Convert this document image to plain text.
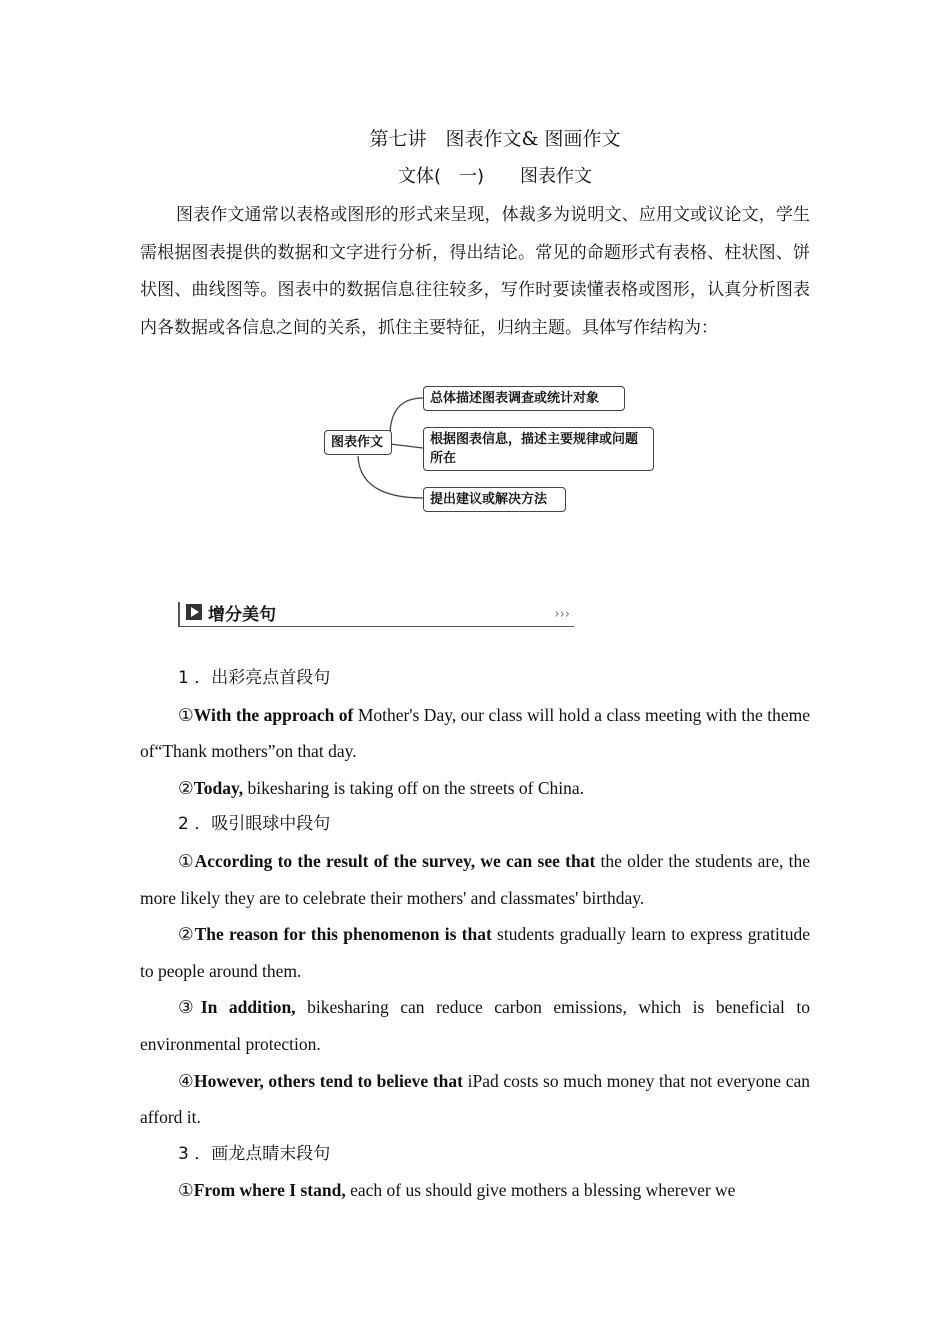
第七讲　图表作文& 图画作文
文体(　一)　　图表作文

图表作文通常以表格或图形的形式来呈现，体裁多为说明文、应用文或议论文，学生需根据图表提供的数据和文字进行分析，得出结论。常见的命题形式有表格、柱状图、饼状图、曲线图等。图表中的数据信息往往较多，写作时要读懂表格或图形，认真分析图表内各数据或各信息之间的关系，抓住主要特征，归纳主题。具体写作结构为：

图表作文
总体描述图表调查或统计对象
根据图表信息，描述主要规律或问题所在
提出建议或解决方法
增分美句	›››

1 ．出彩亮点首段句

①With the approach of Mother's Day, our class will hold a class meeting with the theme of“Thank mothers”on that day.

②Today, bikesharing is taking off on the streets of China.

2 ．吸引眼球中段句

①According to the result of the survey, we can see that the older the students are, the more likely they are to celebrate their mothers' and classmates' birthday.

②The reason for this phenomenon is that students gradually learn to express gratitude to people around them.

③In addition, bikesharing can reduce carbon emissions, which is beneficial to environmental protection.

④However, others tend to believe that iPad costs so much money that not everyone can afford it.

3 ．画龙点睛末段句

①From where I stand, each of us should give mothers a blessing wherever we
